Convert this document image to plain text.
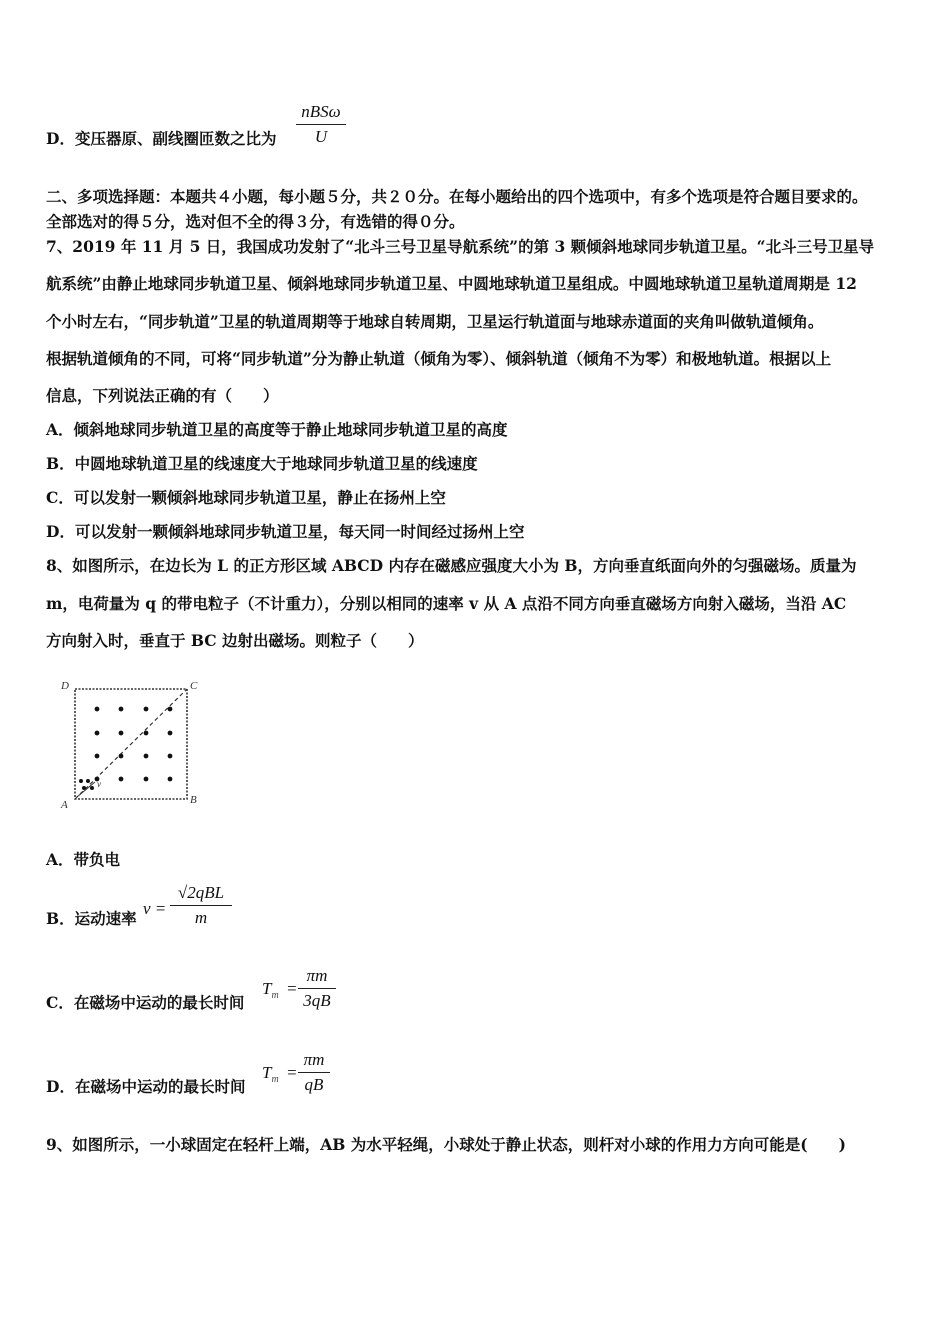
D．变压器原、副线圈匝数之比为
nBSω
U
二、多项选择题：本题共４小题，每小题５分，共２０分。在每小题给出的四个选项中，有多个选项是符合题目要求的。
全部选对的得５分，选对但不全的得３分，有选错的得０分。
7、2019 年 11 月 5 日，我国成功发射了“北斗三号卫星导航系统”的第 3 颗倾斜地球同步轨道卫星。“北斗三号卫星导
航系统”由静止地球同步轨道卫星、倾斜地球同步轨道卫星、中圆地球轨道卫星组成。中圆地球轨道卫星轨道周期是 12
个小时左右，“同步轨道”卫星的轨道周期等于地球自转周期，卫星运行轨道面与地球赤道面的夹角叫做轨道倾角。
根据轨道倾角的不同，可将“同步轨道”分为静止轨道（倾角为零）、倾斜轨道（倾角不为零）和极地轨道。根据以上
信息，下列说法正确的有（　　）
A．倾斜地球同步轨道卫星的高度等于静止地球同步轨道卫星的高度
B．中圆地球轨道卫星的线速度大于地球同步轨道卫星的线速度
C．可以发射一颗倾斜地球同步轨道卫星，静止在扬州上空
D．可以发射一颗倾斜地球同步轨道卫星，每天同一时间经过扬州上空
8、如图所示，在边长为 L 的正方形区域 ABCD 内存在磁感应强度大小为 B，方向垂直纸面向外的匀强磁场。质量为
m，电荷量为 q 的带电粒子（不计重力），分别以相同的速率 v 从 A 点沿不同方向垂直磁场方向射入磁场，当沿 AC
方向射入时，垂直于 BC 边射出磁场。则粒子（　　）
D	C
A	B
v
A．带负电
B．运动速率
v =
√2qBL
m
C．在磁场中运动的最长时间
$T_m$ =
πm
3qB
D．在磁场中运动的最长时间
$T_m$ =
πm
qB
9、如图所示，一小球固定在轻杆上端，AB 为水平轻绳，小球处于静止状态，则杆对小球的作用力方向可能是(　　)
